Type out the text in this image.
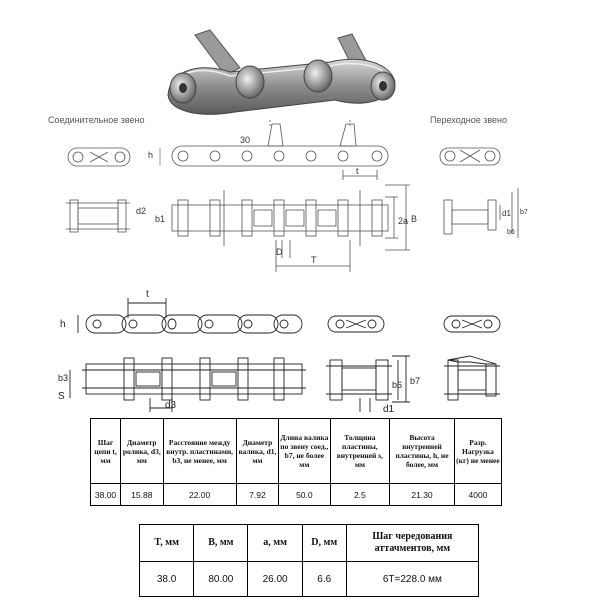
Соединительное звено	Переходное звено
h
30
t
d2
b1	2a B
D
T
d1
b6
b7
h
t
b3
S
d3	d1
b6 b7
Шаг цепи t, мм	Диаметр ролика, d3, мм	Расстояние между внутр. пластинами, b3, не менее, мм	Диаметр валика, d1, мм	Длина валика по звену соед., b7, не более мм	Толщина пластины, внутренней s, мм	Высота внутренней пластины, h, не более, мм	Разр. Нагрузка (кг) не менее
38.00	15.88	22.00	7.92	50.0	2.5	21.30	4000
T, мм	B, мм	a, мм	D, мм	Шаг чередования аттачментов, мм
38.0	80.00	26.00	6.6	6T=228.0 мм
